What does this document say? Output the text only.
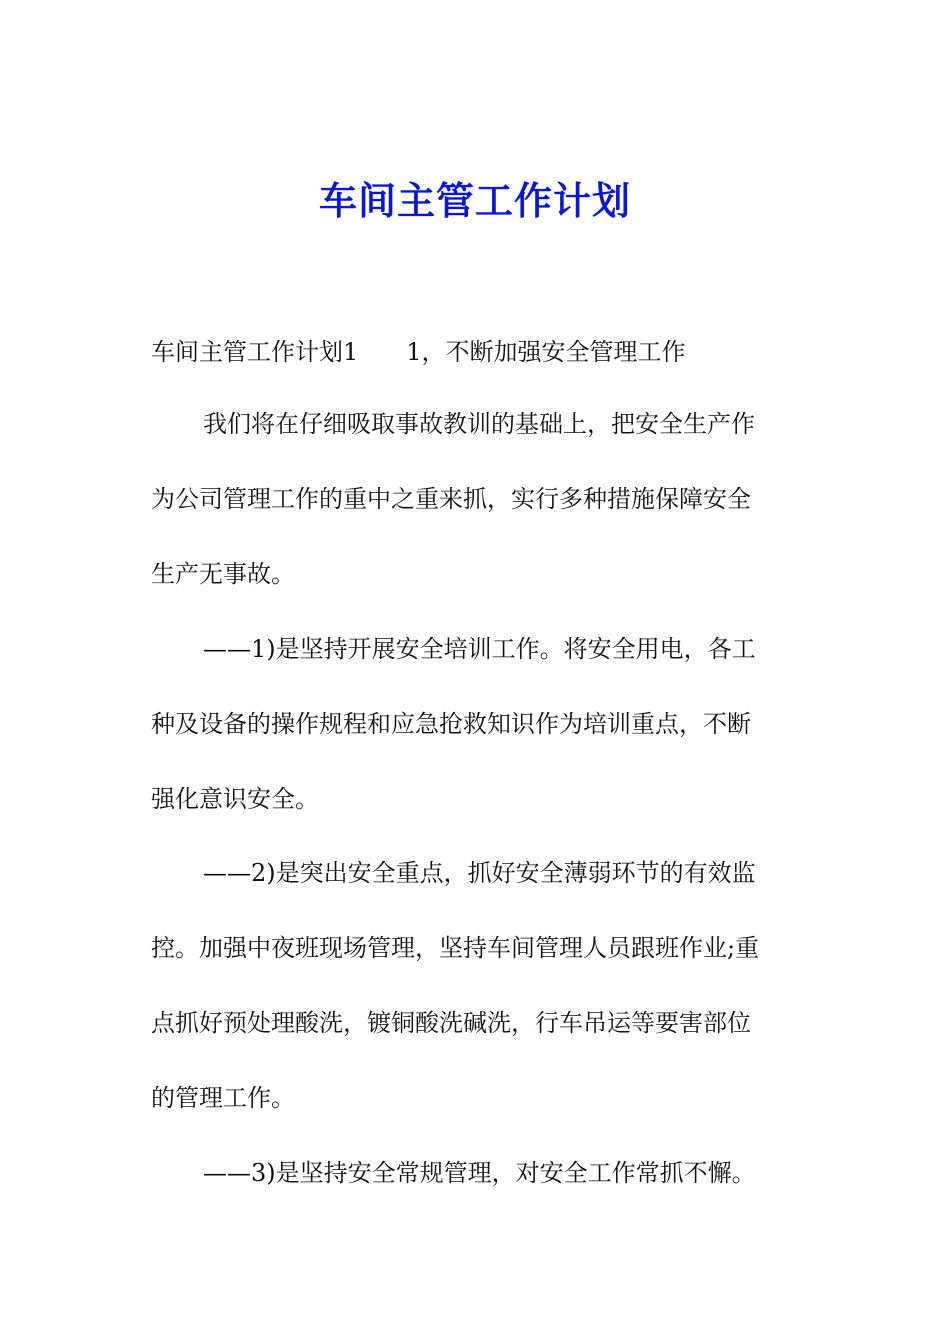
车间主管工作计划
车间主管工作计划1 1，不断加强安全管理工作
我们将在仔细吸取事故教训的基础上，把安全生产作
为公司管理工作的重中之重来抓，实行多种措施保障安全
生产无事故。
——1)是坚持开展安全培训工作。将安全用电，各工
种及设备的操作规程和应急抢救知识作为培训重点，不断
强化意识安全。
——2)是突出安全重点，抓好安全薄弱环节的有效监
控。加强中夜班现场管理，坚持车间管理人员跟班作业;重
点抓好预处理酸洗，镀铜酸洗碱洗，行车吊运等要害部位
的管理工作。
——3)是坚持安全常规管理，对安全工作常抓不懈。
